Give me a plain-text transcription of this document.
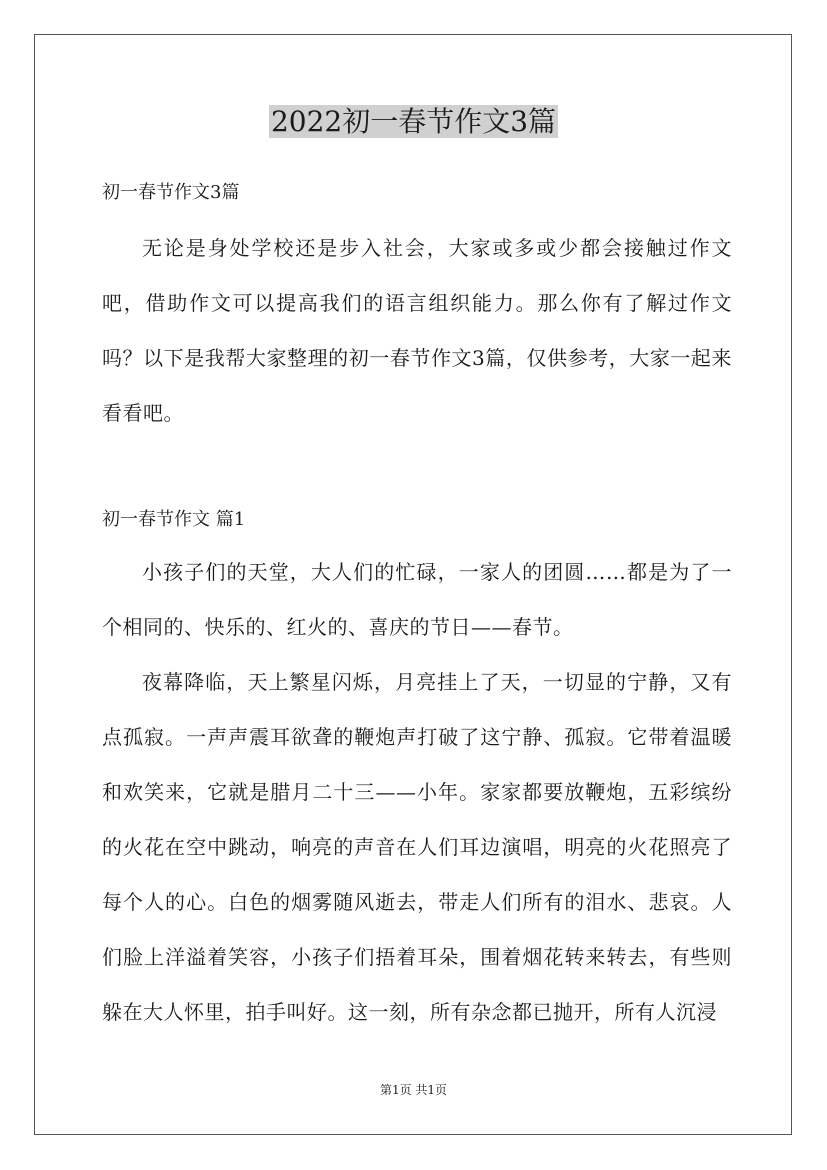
2022初一春节作文3篇
初一春节作文3篇
无论是身处学校还是步入社会，大家或多或少都会接触过作文吧，借助作文可以提高我们的语言组织能力。那么你有了解过作文吗？以下是我帮大家整理的初一春节作文3篇，仅供参考，大家一起来看看吧。
初一春节作文 篇1
小孩子们的天堂，大人们的忙碌，一家人的团圆……都是为了一个相同的、快乐的、红火的、喜庆的节日——春节。
夜幕降临，天上繁星闪烁，月亮挂上了天，一切显的宁静，又有点孤寂。一声声震耳欲聋的鞭炮声打破了这宁静、孤寂。它带着温暖和欢笑来，它就是腊月二十三——小年。家家都要放鞭炮，五彩缤纷的火花在空中跳动，响亮的声音在人们耳边演唱，明亮的火花照亮了每个人的心。白色的烟雾随风逝去，带走人们所有的泪水、悲哀。人们脸上洋溢着笑容，小孩子们捂着耳朵，围着烟花转来转去，有些则躲在大人怀里，拍手叫好。这一刻，所有杂念都已抛开，所有人沉浸
第1页 共1页
